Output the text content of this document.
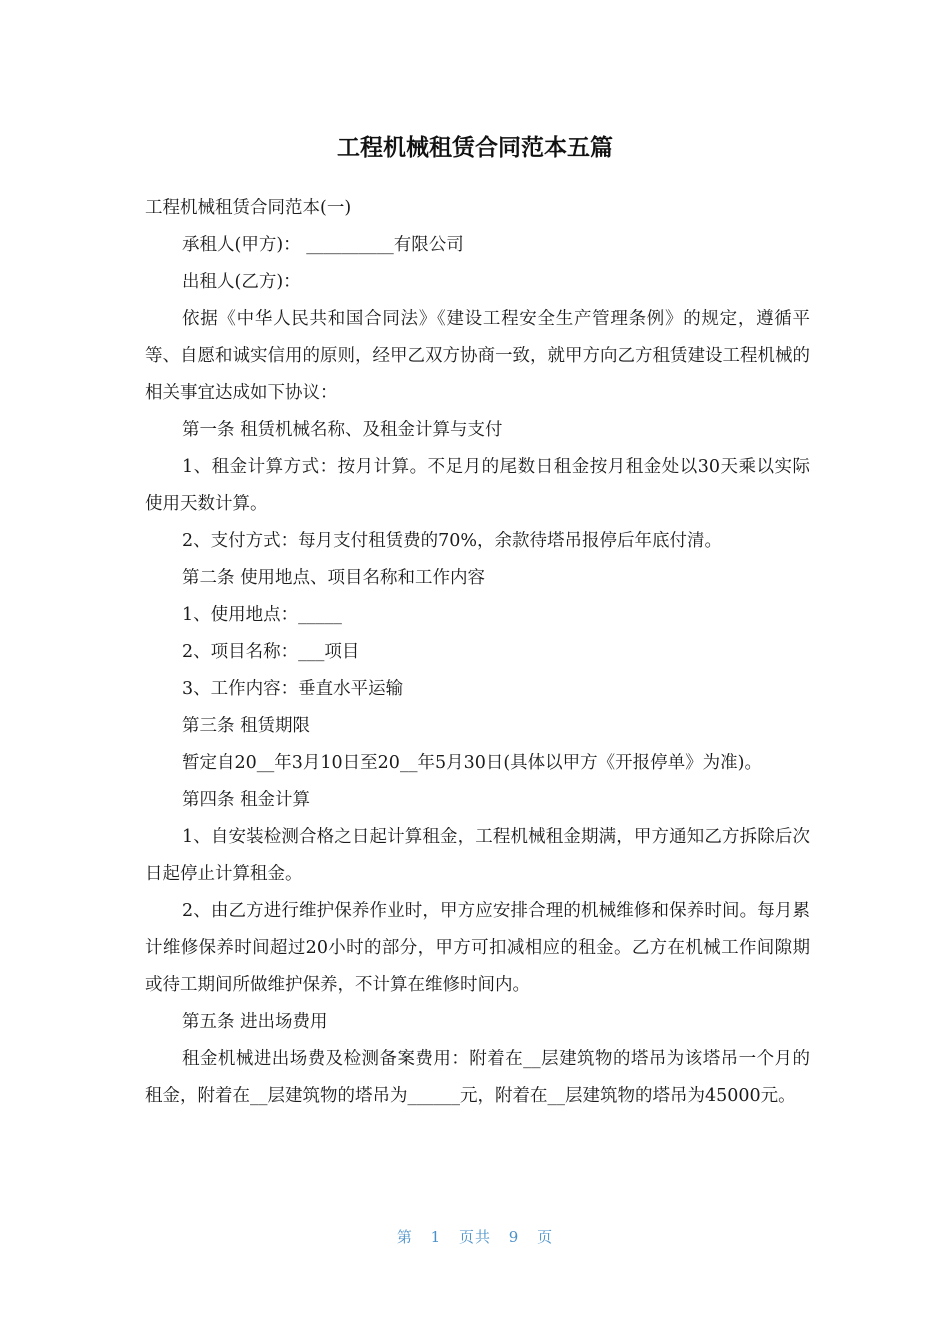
工程机械租赁合同范本五篇

工程机械租赁合同范本(一)

承租人(甲方)： __________有限公司

出租人(乙方)：

依据《中华人民共和国合同法》《建设工程安全生产管理条例》的规定，遵循平等、自愿和诚实信用的原则，经甲乙双方协商一致，就甲方向乙方租赁建设工程机械的相关事宜达成如下协议：

第一条 租赁机械名称、及租金计算与支付

1、租金计算方式：按月计算。不足月的尾数日租金按月租金处以30天乘以实际使用天数计算。

2、支付方式：每月支付租赁费的70%，余款待塔吊报停后年底付清。

第二条 使用地点、项目名称和工作内容

1、使用地点：_____

2、项目名称：___项目

3、工作内容：垂直水平运输

第三条 租赁期限

暂定自20__年3月10日至20__年5月30日(具体以甲方《开报停单》为准)。

第四条 租金计算

1、自安装检测合格之日起计算租金，工程机械租金期满，甲方通知乙方拆除后次日起停止计算租金。

2、由乙方进行维护保养作业时，甲方应安排合理的机械维修和保养时间。每月累计维修保养时间超过20小时的部分，甲方可扣减相应的租金。乙方在机械工作间隙期或待工期间所做维护保养，不计算在维修时间内。

第五条 进出场费用

租金机械进出场费及检测备案费用：附着在__层建筑物的塔吊为该塔吊一个月的租金，附着在__层建筑物的塔吊为______元，附着在__层建筑物的塔吊为45000元。

第 1 页共 9 页
